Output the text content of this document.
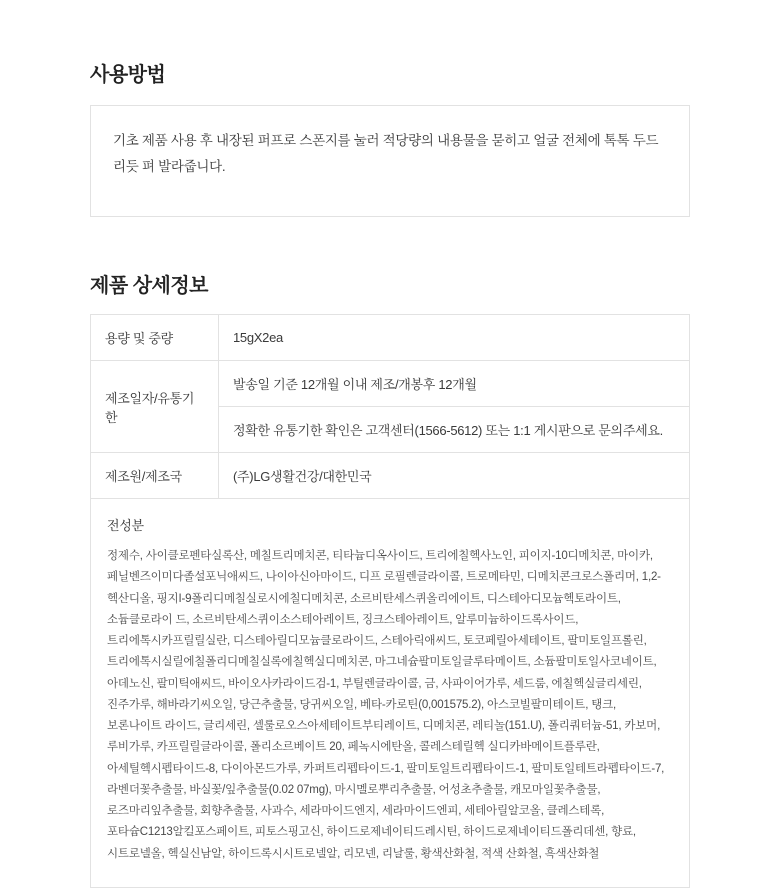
사용방법

기초 제품 사용 후 내장된 퍼프로 스폰지를 눌러 적당량의 내용물을 묻히고 얼굴 전체에 톡톡 두드리듯 펴 발라줍니다.

제품 상세정보
용량 및 중량	15gX2ea
제조일자/유통기한	발송일 기준 12개월 이내 제조/개봉후 12개월
	정확한 유통기한 확인은 고객센터(1566-5612) 또는 1:1 게시판으로 문의주세요.
제조원/제조국	(주)LG생활건강/대한민국

전성분

정제수, 사이클로펜타실록산, 메칠트리메치콘, 티타늄디옥사이드, 트리에칠헥사노인, 피이지-10디메치콘, 마이카, 페닐벤즈이미다졸설포닉애씨드, 나이아신아마이드, 디프 로필렌글라이콜, 트로메타민, 디메치콘크로스폴리머, 1,2-헥산디올, 핑지I-9폴리디메칠실로시에칠디메치콘, 소르비탄세스퀴올리에이트, 디스테아디모늄헥토라이트, 소듐클로라이 드, 소르비탄세스퀴이소스테아레이트, 징크스테아레이트, 알루미늄하이드록사이드, 트리에톡시카프릴릴실란, 디스테아릴디모늄클로라이드, 스테아릭애씨드, 토코페릴아세테이트, 팔미토일프롤린, 트리에톡시실릴에칠폴리디메칠실록에칠헥실디메치콘, 마그네슘팔미토일글루타메이트, 소듐팔미토일사코네이트, 아데노신, 팔미틱애씨드, 바이오사카라이드검-1, 부틸렌글라이콜, 금, 사파이어가루, 세드룸, 에칠헥실글리세린, 진주가루, 해바라기씨오일, 당근추출물, 당귀씨오일, 베타-카로틴(0,001575.2), 아스코빌팔미테이트, 탱크, 보론나이트 라이드, 글리세린, 셀룰로오스아세테이트부티레이트, 디메치콘, 레티놀(151.U), 폴리쿼터늄-51, 카보머, 루비가루, 카프릴릴글라이콜, 폴리소르베이트 20, 페녹시에탄올, 콜레스테릴헥 실디카바메이트플루란, 아세틸헥시펩타이드-8, 다이아몬드가루, 카퍼트리펩타이드-1, 팔미토일트리펩타이드-1, 팔미토일테트라펩타이드-7, 라벤더꽃추출물, 바실꽃/잎추출물(0.02 07mg), 마시멜로뿌리추출물, 어성초추출물, 캐모마일꽃추출물, 로즈마리잎추출물, 회향추출물, 사과수, 세라마이드엔지, 세라마이드엔피, 세테아릴알코올, 클레스테록, 포타슘C1213알킬포스페이트, 피토스핑고신, 하이드로제네이티드레시틴, 하이드로제네이티드폴리데센, 향료, 시트로넬올, 헥실신남알, 하이드록시시트로넬알, 리모넨, 리날룰, 황색산화철, 적색 산화철, 흑색산화철
